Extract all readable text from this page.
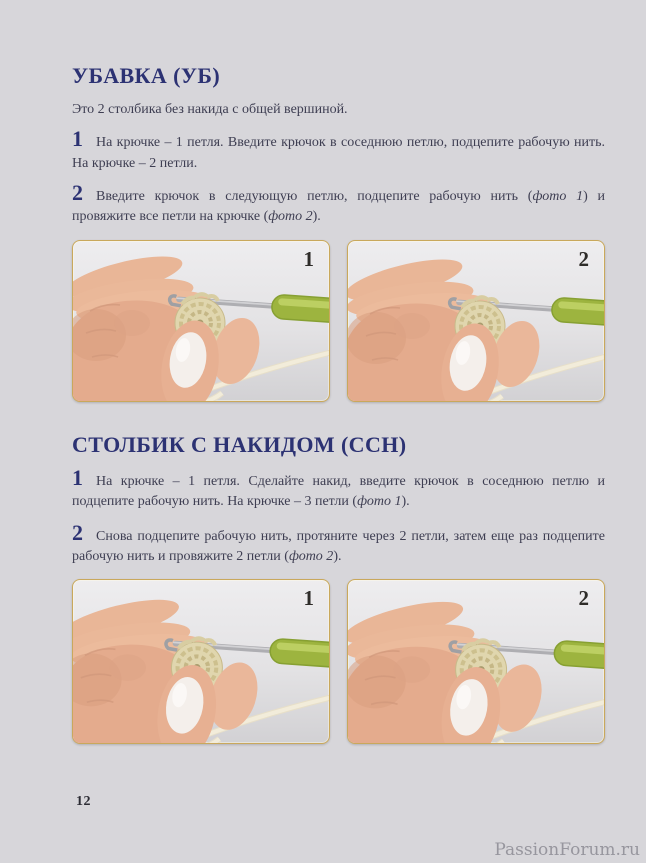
УБАВКА (УБ)

Это 2 столбика без накида с общей вершиной.

1 На крючке – 1 петля. Введите крючок в соседнюю петлю, подцепите рабочую нить. На крючке – 2 петли.

2 Введите крючок в следующую петлю, подцепите рабочую нить (фото 1) и провяжите все петли на крючке (фото 2).

1	2
СТОЛБИК С НАКИДОМ (ССН)

1 На крючке – 1 петля. Сделайте накид, введите крючок в соседнюю петлю и подцепите рабочую нить. На крючке – 3 петли (фото 1).

2 Снова подцепите рабочую нить, протяните через 2 петли, затем еще раз подцепите рабочую нить и провяжите 2 петли (фото 2).

1	2
12
PassionForum.ru
